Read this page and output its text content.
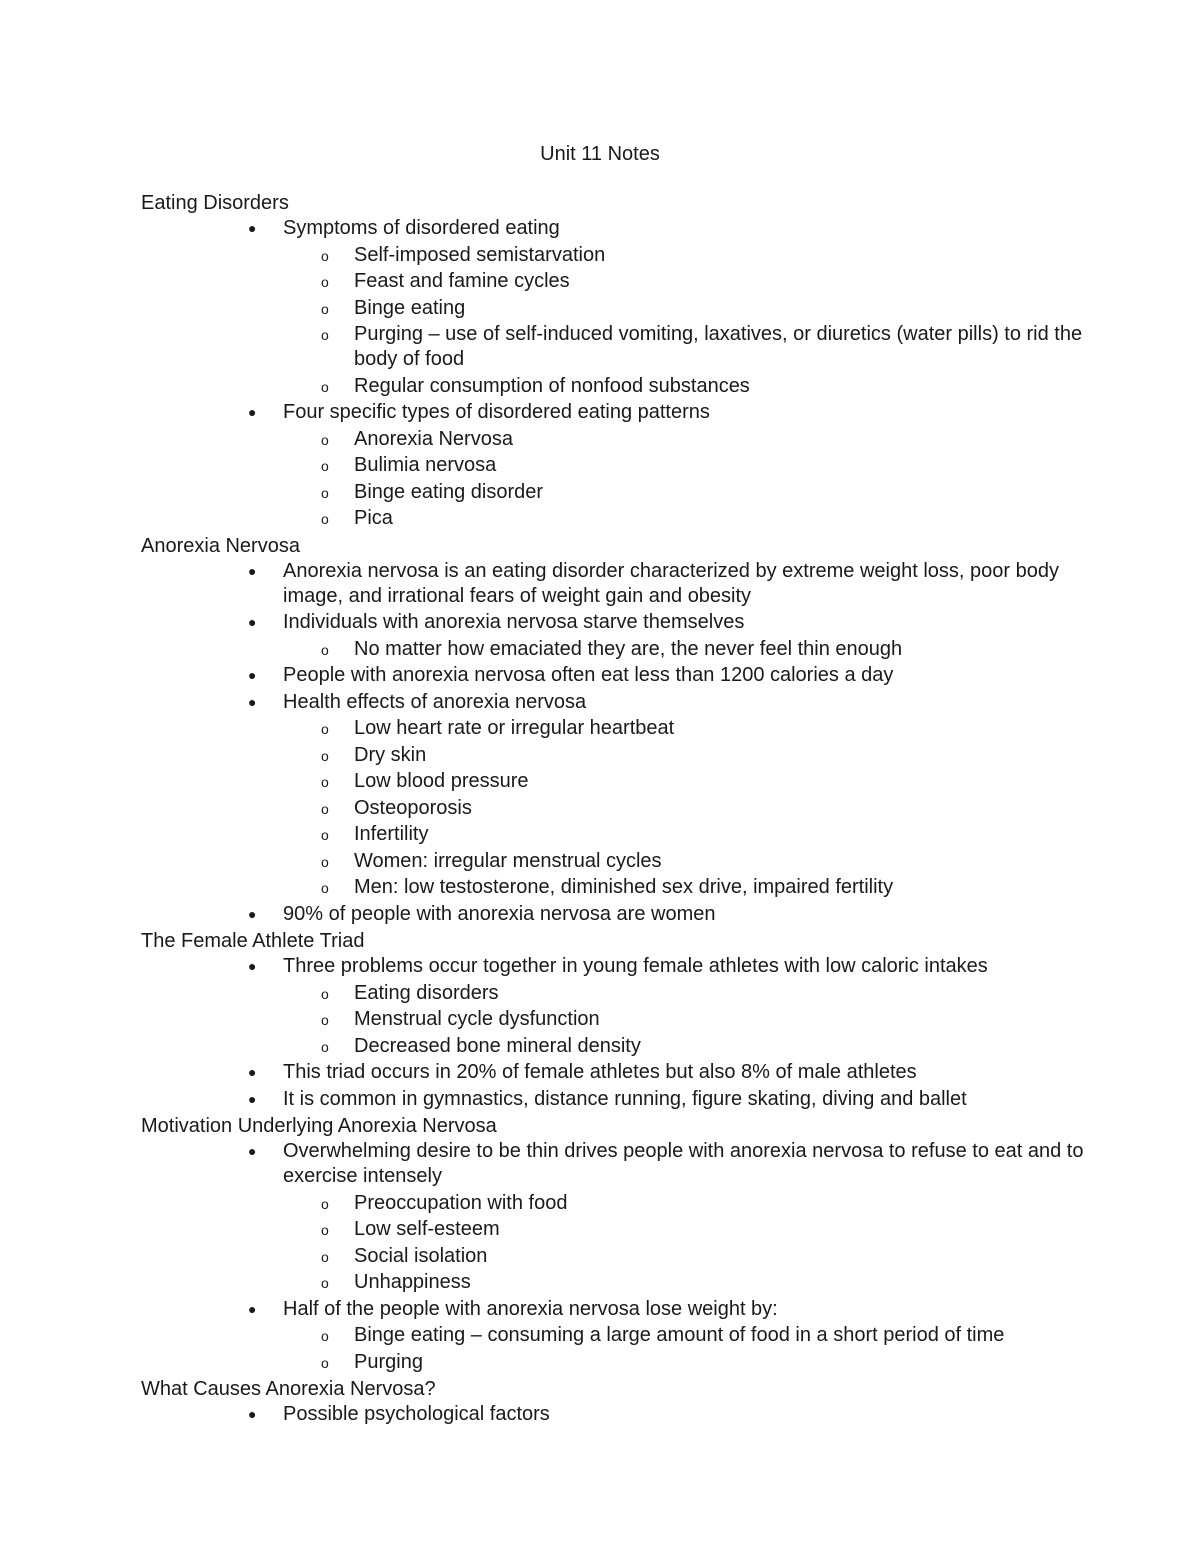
Unit 11 Notes
Eating Disorders
● Symptoms of disordered eating
o Self-imposed semistarvation
o Feast and famine cycles
o Binge eating
o Purging – use of self-induced vomiting, laxatives, or diuretics (water pills) to rid the body of food
o Regular consumption of nonfood substances
● Four specific types of disordered eating patterns
o Anorexia Nervosa
o Bulimia nervosa
o Binge eating disorder
o Pica
Anorexia Nervosa
● Anorexia nervosa is an eating disorder characterized by extreme weight loss, poor body image, and irrational fears of weight gain and obesity
● Individuals with anorexia nervosa starve themselves
o No matter how emaciated they are, the never feel thin enough
● People with anorexia nervosa often eat less than 1200 calories a day
● Health effects of anorexia nervosa
o Low heart rate or irregular heartbeat
o Dry skin
o Low blood pressure
o Osteoporosis
o Infertility
o Women: irregular menstrual cycles
o Men: low testosterone, diminished sex drive, impaired fertility
● 90% of people with anorexia nervosa are women
The Female Athlete Triad
● Three problems occur together in young female athletes with low caloric intakes
o Eating disorders
o Menstrual cycle dysfunction
o Decreased bone mineral density
● This triad occurs in 20% of female athletes but also 8% of male athletes
● It is common in gymnastics, distance running, figure skating, diving and ballet
Motivation Underlying Anorexia Nervosa
● Overwhelming desire to be thin drives people with anorexia nervosa to refuse to eat and to exercise intensely
o Preoccupation with food
o Low self-esteem
o Social isolation
o Unhappiness
● Half of the people with anorexia nervosa lose weight by:
o Binge eating – consuming a large amount of food in a short period of time
o Purging
What Causes Anorexia Nervosa?
● Possible psychological factors
